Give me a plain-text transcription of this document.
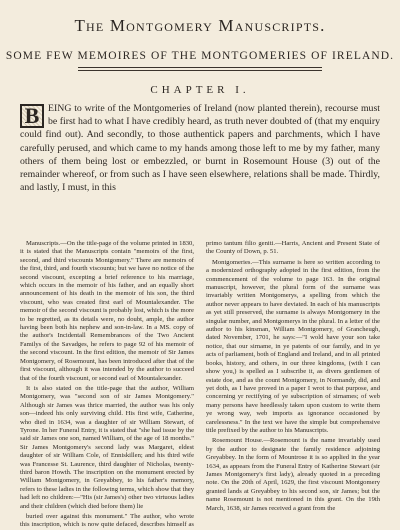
The Montgomery Manuscripts.
SOME FEW MEMOIRES OF THE MONTGOMERIES OF IRELAND.
CHAPTER I.
B EING to write of the Montgomeries of Ireland (now planted therein), recourse must be first had to what I have credibly heard, as truth never doubted of (that my enquiry could find out). And secondly, to those authentick papers and parchments, which I have carefully perused, and which came to my hands among those left to me by my father, many others of them being lost or embezzled, or burnt in Rosemount House (3) out of the remainder whereof, or from such as I have seen elsewhere, relations shall be made. Thirdly, and lastly, I must, in this

Manuscripts.—On the title-page of the volume printed in 1830, it is stated that the Manuscripts contain "memoirs of the first, second, and third viscounts Montgomery." There are memoirs of the first, third, and fourth viscounts; but we have no notice of the second viscount, excepting a brief reference to his marriage, which occurs in the memoir of his father, and an equally short announcement of his death in the memoir of his son, the third viscount, who was created first earl of Mountalexander. The memoir of the second viscount is probably lost, which is the more to be regretted, as its details were, no doubt, ample, the author having been both his nephew and son-in-law. In a MS. copy of the author's Incidentall Remembrances of the Two Ancient Familys of the Savadges, he refers to page 92 of his memoir of the second viscount. In the first edition, the memoir of Sir James Montgomery, of Rosemount, has been introduced after that of the first viscount, although it was intended by the author to succeed that of the fourth viscount, or second earl of Mountalexander.

It is also stated on the title-page that the author, William Montgomery, was "second son of sir James Montgomery." Although sir James was thrice married, the author was his only son—indeed his only surviving child. His first wife, Catherine, who died in 1634, was a daughter of sir William Stewart, of Tyrone. In her Funeral Entry, it is stated that "she had issue by the said sir James one son, named William, of the age of 18 months." Sir James Montgomery's second lady was Margaret, eldest daughter of sir William Cole, of Enniskillen; and his third wife was Francesse St. Laurence, third daughter of Nicholas, twenty-third baron Howth. The inscription on the monument erected by William Montgomery, in Greyabbey, to his father's memory, refers to these ladies in the following terms, which show that they had left no children:—"His (sir James's) other two virtuous ladies and their children (which died before them) lie

buried over against this monument." The author, who wrote this inscription, which is now quite defaced, describes himself as primo tantum filio geniti.—Harris, Ancient and Present State of the County of Down, p. 51.

Montgomeries.—This surname is here so written according to a modernized orthography adopted in the first edition, from the commencement of the volume to page 163. In the original manuscript, however, the plural form of the surname was invariably written Montgomerys, a spelling from which the author never appears to have deviated. In each of his manuscripts as yet still preserved, the surname is always Montgomery in the singular number, and Montgomerys in the plural. In a letter of the author to his kinsman, William Montgomery, of Grancheugh, dated November, 1701, he says:—"I wold have your son take notice, that our sirname, in ye patents of our family, and in ye acts of parliament, both of England and Ireland, and in all printed books, history, and others, in our three kingdoms, (with I can show you,) is spelled as I subscribe it, as divers gentlemen of estate doe, and as the count Montgomery, in Normandy, did, and yet doth, as I have proved in a paper I wrot to that purpose, and concerning yr rectifying of ye subscription of sirnames; of web many persons have heedlessly taken upon custom to write them ye wrong way, web imports as ignorance occasioned by carelessness." In the text we have the simple but comprehensive title prefixed by the author to his Manuscripts.

Rosemount House.—Rosemount is the name invariably used by the author to designate the family residence adjoining Greyabbey. In the form of Mountrose it is so applied in the year 1634, as appears from the Funeral Entry of Katherine Stewart (sir James Montgomery's first lady), already quoted in a preceding note. On the 20th of April, 1629, the first viscount Montgomery granted lands at Greyabbey to his second son, sir James; but the name Rosemount is not mentioned in this grant. On the 19th March, 1638, sir James received a grant from the
